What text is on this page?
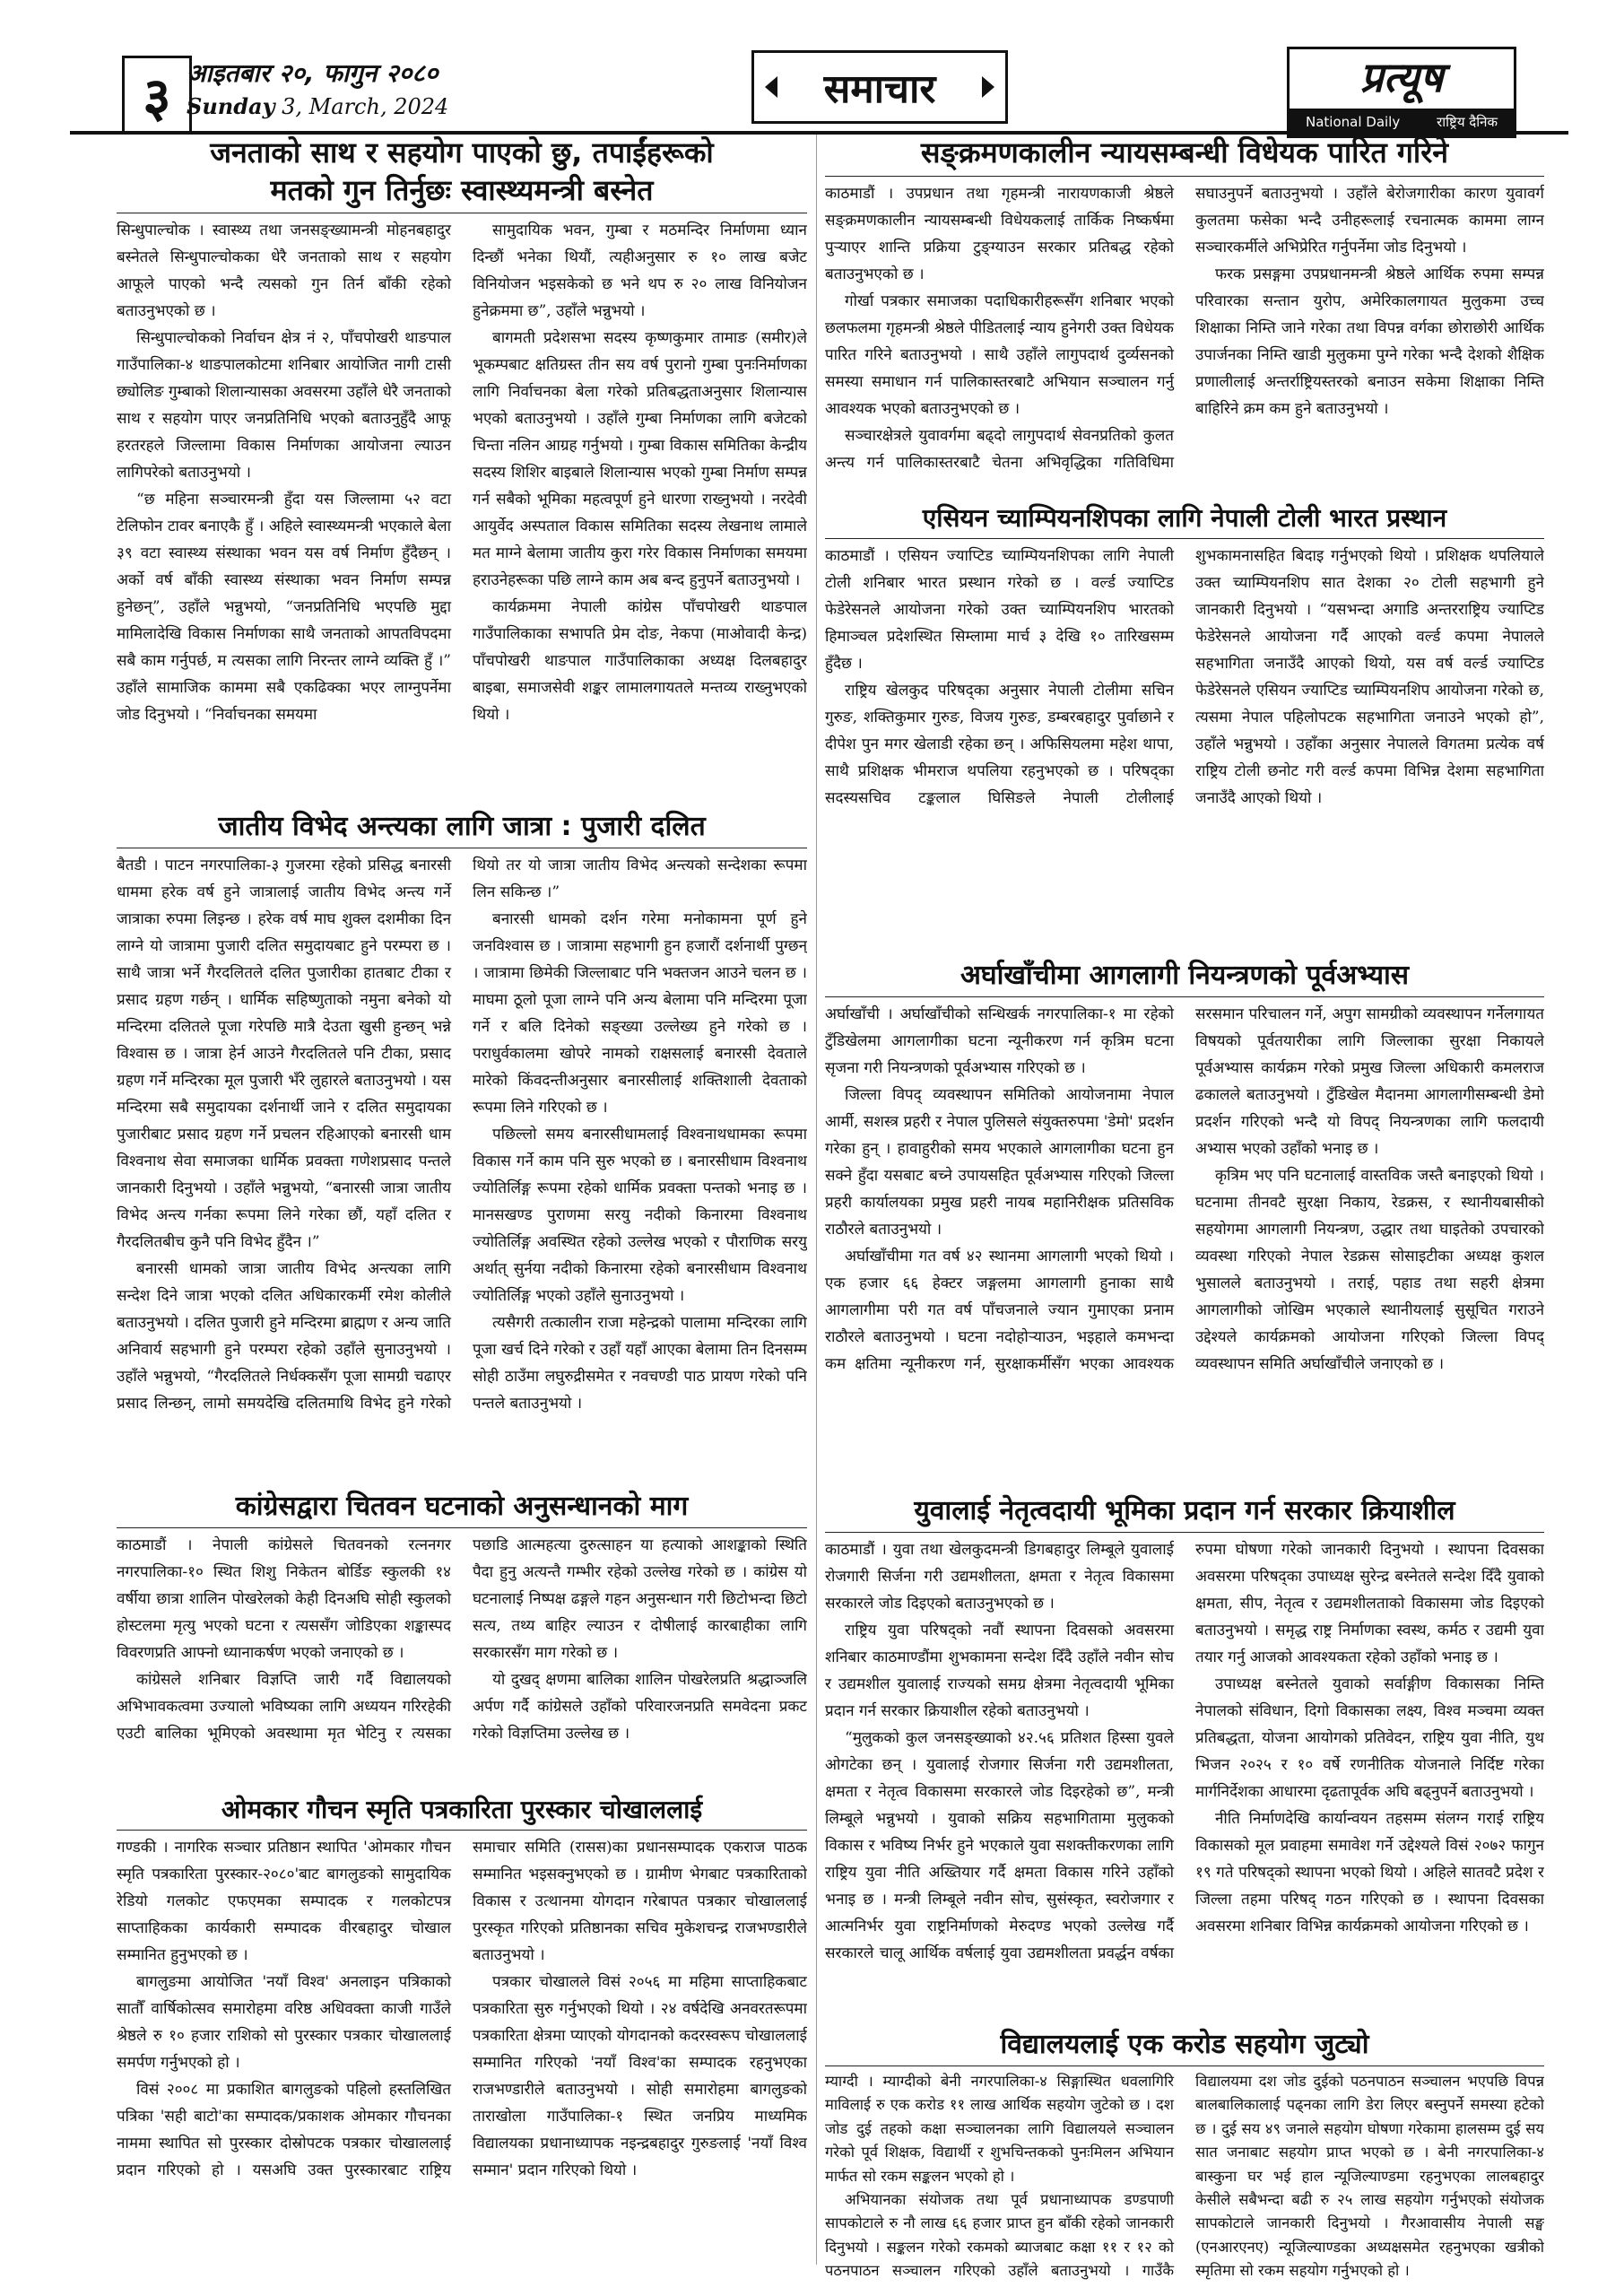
३ आइतबार २०, फागुन २०८०
Sunday 3, March, 2024	समाचार	प्रत्यूष
National Daily	राष्ट्रिय दैनिक
जनताको साथ र सहयोग पाएको छु, तपाईंहरूको
मतको गुन तिर्नुछः स्वास्थ्यमन्त्री बस्नेत

सिन्धुपाल्चोक । स्वास्थ्य तथा जनसङ्ख्यामन्त्री मोहनबहादुर बस्नेतले सिन्धुपाल्चोकका धेरै जनताको साथ र सहयोग आफूले पाएको भन्दै त्यसको गुन तिर्न बाँकी रहेको बताउनुभएको छ ।

सिन्धुपाल्चोकको निर्वाचन क्षेत्र नं २, पाँचपोखरी थाङपाल गाउँपालिका-४ थाङपालकोटमा शनिबार आयोजित नागी टासी छ्योलिङ गुम्बाको शिलान्यासका अवसरमा उहाँले धेरै जनताको साथ र सहयोग पाएर जनप्रतिनिधि भएको बताउनुहुँदै आफू हरतरहले जिल्लामा विकास निर्माणका आयोजना ल्याउन लागिपरेको बताउनुभयो ।

“छ महिना सञ्चारमन्त्री हुँदा यस जिल्लामा ५२ वटा टेलिफोन टावर बनाएकै हुँ । अहिले स्वास्थ्यमन्त्री भएकाले बेला ३९ वटा स्वास्थ्य संस्थाका भवन यस वर्ष निर्माण हुँदैछन् । अर्को वर्ष बाँकी स्वास्थ्य संस्थाका भवन निर्माण सम्पन्न हुनेछन्”, उहाँले भन्नुभयो, “जनप्रतिनिधि भएपछि मुद्दा मामिलादेखि विकास निर्माणका साथै जनताको आपतविपदमा सबै काम गर्नुपर्छ, म त्यसका लागि निरन्तर लाग्ने व्यक्ति हुँ ।” उहाँले सामाजिक काममा सबै एकढिक्का भएर लाग्नुपर्नेमा जोड दिनुभयो । “निर्वाचनका समयमा

सामुदायिक भवन, गुम्बा र मठमन्दिर निर्माणमा ध्यान दिन्छौं भनेका थियौं, त्यहीअनुसार रु १० लाख बजेट विनियोजन भइसकेको छ भने थप रु २० लाख विनियोजन हुनेक्रममा छ”, उहाँले भन्नुभयो ।

बागमती प्रदेशसभा सदस्य कृष्णकुमार तामाङ (समीर)ले भूकम्पबाट क्षतिग्रस्त तीन सय वर्ष पुरानो गुम्बा पुनःनिर्माणका लागि निर्वाचनका बेला गरेको प्रतिबद्धताअनुसार शिलान्यास भएको बताउनुभयो । उहाँले गुम्बा निर्माणका लागि बजेटको चिन्ता नलिन आग्रह गर्नुभयो । गुम्बा विकास समितिका केन्द्रीय सदस्य शिशिर बाइबाले शिलान्यास भएको गुम्बा निर्माण सम्पन्न गर्न सबैको भूमिका महत्वपूर्ण हुने धारणा राख्नुभयो । नरदेवी आयुर्वेद अस्पताल विकास समितिका सदस्य लेखनाथ लामाले मत माग्ने बेलामा जातीय कुरा गरेर विकास निर्माणका समयमा हराउनेहरूका पछि लाग्ने काम अब बन्द हुनुपर्ने बताउनुभयो ।

कार्यक्रममा नेपाली कांग्रेस पाँचपोखरी थाङपाल गाउँपालिकाका सभापति प्रेम दोङ, नेकपा (माओवादी केन्द्र) पाँचपोखरी थाङपाल गाउँपालिकाका अध्यक्ष दिलबहादुर बाइबा, समाजसेवी शङ्कर लामालगायतले मन्तव्य राख्नुभएको थियो ।

जातीय विभेद अन्त्यका लागि जात्रा : पुजारी दलित

बैतडी । पाटन नगरपालिका-३ गुजरमा रहेको प्रसिद्ध बनारसी धाममा हरेक वर्ष हुने जात्रालाई जातीय विभेद अन्त्य गर्ने जात्राका रुपमा लिइन्छ । हरेक वर्ष माघ शुक्ल दशमीका दिन लाग्ने यो जात्रामा पुजारी दलित समुदायबाट हुने परम्परा छ । साथै जात्रा भर्ने गैरदलितले दलित पुजारीका हातबाट टीका र प्रसाद ग्रहण गर्छन् । धार्मिक सहिष्णुताको नमुना बनेको यो मन्दिरमा दलितले पूजा गरेपछि मात्रै देउता खुसी हुन्छन् भन्ने विश्वास छ । जात्रा हेर्न आउने गैरदलितले पनि टीका, प्रसाद ग्रहण गर्ने मन्दिरका मूल पुजारी भँरे लुहारले बताउनुभयो । यस मन्दिरमा सबै समुदायका दर्शनार्थी जाने र दलित समुदायका पुजारीबाट प्रसाद ग्रहण गर्ने प्रचलन रहिआएको बनारसी धाम विश्वनाथ सेवा समाजका धार्मिक प्रवक्ता गणेशप्रसाद पन्तले जानकारी दिनुभयो । उहाँले भन्नुभयो, “बनारसी जात्रा जातीय विभेद अन्त्य गर्नका रूपमा लिने गरेका छौं, यहाँ दलित र गैरदलितबीच कुनै पनि विभेद हुँदैन ।”

बनारसी धामको जात्रा जातीय विभेद अन्त्यका लागि सन्देश दिने जात्रा भएको दलित अधिकारकर्मी रमेश कोलीले बताउनुभयो । दलित पुजारी हुने मन्दिरमा ब्राह्मण र अन्य जाति अनिवार्य सहभागी हुने परम्परा रहेको उहाँले सुनाउनुभयो । उहाँले भन्नुभयो, “गैरदलितले निर्धक्कसँग पूजा सामग्री चढाएर प्रसाद लिन्छन्, लामो समयदेखि दलितमाथि विभेद हुने गरेको थियो तर यो जात्रा जातीय विभेद अन्त्यको सन्देशका रूपमा लिन सकिन्छ ।”

बनारसी धामको दर्शन गरेमा मनोकामना पूर्ण हुने जनविश्वास छ । जात्रामा सहभागी हुन हजारौं दर्शनार्थी पुग्छन् । जात्रामा छिमेकी जिल्लाबाट पनि भक्तजन आउने चलन छ । माघमा ठूलो पूजा लाग्ने पनि अन्य बेलामा पनि मन्दिरमा पूजा गर्ने र बलि दिनेको सङ्ख्या उल्लेख्य हुने गरेको छ । पराधुर्वकालमा खोपरे नामको राक्षसलाई बनारसी देवताले मारेको किंवदन्तीअनुसार बनारसीलाई शक्तिशाली देवताको रूपमा लिने गरिएको छ ।

पछिल्लो समय बनारसीधामलाई विश्वनाथधामका रूपमा विकास गर्ने काम पनि सुरु भएको छ । बनारसीधाम विश्वनाथ ज्योतिर्लिङ्ग रूपमा रहेको धार्मिक प्रवक्ता पन्तको भनाइ छ । मानसखण्ड पुराणमा सरयु नदीको किनारमा विश्वनाथ ज्योतिर्लिङ्ग अवस्थित रहेको उल्लेख भएको र पौराणिक सरयु अर्थात् सुर्नया नदीको किनारमा रहेको बनारसीधाम विश्वनाथ ज्योतिर्लिङ्ग भएको उहाँले सुनाउनुभयो ।

त्यसैगरी तत्कालीन राजा महेन्द्रको पालामा मन्दिरका लागि पूजा खर्च दिने गरेको र उहाँ यहाँ आएका बेलामा तिन दिनसम्म सोही ठाउँमा लघुरुद्रीसमेत र नवचण्डी पाठ प्रायण गरेको पनि पन्तले बताउनुभयो ।

कांग्रेसद्वारा चितवन घटनाको अनुसन्धानको माग

काठमाडौं । नेपाली कांग्रेसले चितवनको रत्ननगर नगरपालिका-१० स्थित शिशु निकेतन बोर्डिङ स्कुलकी १४ वर्षीया छात्रा शालिन पोखरेलको केही दिनअघि सोही स्कुलको होस्टलमा मृत्यु भएको घटना र त्यससँग जोडिएका शङ्कास्पद विवरणप्रति आफ्नो ध्यानाकर्षण भएको जनाएको छ ।

कांग्रेसले शनिबार विज्ञप्ति जारी गर्दै विद्यालयको अभिभावकत्वमा उज्यालो भविष्यका लागि अध्ययन गरिरहेकी एउटी बालिका भूमिएको अवस्थामा मृत भेटिनु र त्यसका पछाडि आत्महत्या दुरुत्साहन या हत्याको आशङ्काको स्थिति पैदा हुनु अत्यन्तै गम्भीर रहेको उल्लेख गरेको छ । कांग्रेस यो घटनालाई निष्पक्ष ढङ्गले गहन अनुसन्धान गरी छिटोभन्दा छिटो सत्य, तथ्य बाहिर ल्याउन र दोषीलाई कारबाहीका लागि सरकारसँग माग गरेको छ ।

यो दुखद् क्षणमा बालिका शालिन पोखरेलप्रति श्रद्धाञ्जलि अर्पण गर्दै कांग्रेसले उहाँको परिवारजनप्रति समवेदना प्रकट गरेको विज्ञप्तिमा उल्लेख छ ।

ओमकार गौचन स्मृति पत्रकारिता पुरस्कार चोखाललाई

गण्डकी । नागरिक सञ्चार प्रतिष्ठान स्थापित 'ओमकार गौचन स्मृति पत्रकारिता पुरस्कार-२०८०'बाट बागलुङको सामुदायिक रेडियो गलकोट एफएमका सम्पादक र गलकोटपत्र साप्ताहिकका कार्यकारी सम्पादक वीरबहादुर चोखाल सम्मानित हुनुभएको छ ।

बागलुङमा आयोजित 'नयाँ विश्व' अनलाइन पत्रिकाको सातौँ वार्षिकोत्सव समारोहमा वरिष्ठ अधिवक्ता काजी गाउँले श्रेष्ठले रु १० हजार राशिको सो पुरस्कार पत्रकार चोखाललाई समर्पण गर्नुभएको हो ।

विसं २००८ मा प्रकाशित बागलुङको पहिलो हस्तलिखित पत्रिका 'सही बाटो'का सम्पादक/प्रकाशक ओमकार गौचनका नाममा स्थापित सो पुरस्कार दोस्रोपटक पत्रकार चोखाललाई प्रदान गरिएको हो । यसअघि उक्त पुरस्कारबाट राष्ट्रिय समाचार समिति (रासस)का प्रधानसम्पादक एकराज पाठक सम्मानित भइसक्नुभएको छ । ग्रामीण भेगबाट पत्रकारिताको विकास र उत्थानमा योगदान गरेबापत पत्रकार चोखाललाई पुरस्कृत गरिएको प्रतिष्ठानका सचिव मुकेशचन्द्र राजभण्डारीले बताउनुभयो ।

पत्रकार चोखालले विसं २०५६ मा महिमा साप्ताहिकबाट पत्रकारिता सुरु गर्नुभएको थियो । २४ वर्षदेखि अनवरतरूपमा पत्रकारिता क्षेत्रमा प्याएको योगदानको कदरस्वरूप चोखाललाई सम्मानित गरिएको 'नयाँ विश्व'का सम्पादक रहनुभएका राजभण्डारीले बताउनुभयो । सोही समारोहमा बागलुङको ताराखोला गाउँपालिका-१ स्थित जनप्रिय माध्यमिक विद्यालयका प्रधानाध्यापक नइन्द्रबहादुर गुरुङलाई 'नयाँ विश्व सम्मान' प्रदान गरिएको थियो ।

सङ्क्रमणकालीन न्यायसम्बन्धी विधेयक पारित गरिने

काठमाडौं । उपप्रधान तथा गृहमन्त्री नारायणकाजी श्रेष्ठले सङ्क्रमणकालीन न्यायसम्बन्धी विधेयकलाई तार्किक निष्कर्षमा पुऱ्याएर शान्ति प्रक्रिया टुङ्ग्याउन सरकार प्रतिबद्ध रहेको बताउनुभएको छ ।

गोर्खा पत्रकार समाजका पदाधिकारीहरूसँग शनिबार भएको छलफलमा गृहमन्त्री श्रेष्ठले पीडितलाई न्याय हुनेगरी उक्त विधेयक पारित गरिने बताउनुभयो । साथै उहाँले लागुपदार्थ दुर्व्यसनको समस्या समाधान गर्न पालिकास्तरबाटै अभियान सञ्चालन गर्नु आवश्यक भएको बताउनुभएको छ ।

सञ्चारक्षेत्रले युवावर्गमा बढ्दो लागुपदार्थ सेवनप्रतिको कुलत अन्त्य गर्न पालिकास्तरबाटै चेतना अभिवृद्धिका गतिविधिमा सघाउनुपर्ने बताउनुभयो । उहाँले बेरोजगारीका कारण युवावर्ग कुलतमा फसेका भन्दै उनीहरूलाई रचनात्मक काममा लाग्न सञ्चारकर्मीले अभिप्रेरित गर्नुपर्नेमा जोड दिनुभयो ।

फरक प्रसङ्गमा उपप्रधानमन्त्री श्रेष्ठले आर्थिक रुपमा सम्पन्न परिवारका सन्तान युरोप, अमेरिकालगायत मुलुकमा उच्च शिक्षाका निम्ति जाने गरेका तथा विपन्न वर्गका छोराछोरी आर्थिक उपार्जनका निम्ति खाडी मुलुकमा पुग्ने गरेका भन्दै देशको शैक्षिक प्रणालीलाई अन्तर्राष्ट्रियस्तरको बनाउन सकेमा शिक्षाका निम्ति बाहिरिने क्रम कम हुने बताउनुभयो ।

एसियन च्याम्पियनशिपका लागि नेपाली टोली भारत प्रस्थान

काठमाडौं । एसियन ज्याप्टिड च्याम्पियनशिपका लागि नेपाली टोली शनिबार भारत प्रस्थान गरेको छ । वर्ल्ड ज्याप्टिड फेडेरेसनले आयोजना गरेको उक्त च्याम्पियनशिप भारतको हिमाञ्चल प्रदेशस्थित सिम्लामा मार्च ३ देखि १० तारिखसम्म हुँदैछ ।

राष्ट्रिय खेलकुद परिषद्का अनुसार नेपाली टोलीमा सचिन गुरुङ, शक्तिकुमार गुरुङ, विजय गुरुङ, डम्बरबहादुर पुर्वाछाने र दीपेश पुन मगर खेलाडी रहेका छन् । अफिसियलमा महेश थापा, साथै प्रशिक्षक भीमराज थपलिया रहनुभएको छ । परिषद्का सदस्यसचिव टङ्कलाल घिसिङले नेपाली टोलीलाई शुभकामनासहित बिदाइ गर्नुभएको थियो । प्रशिक्षक थपलियाले उक्त च्याम्पियनशिप सात देशका २० टोली सहभागी हुने जानकारी दिनुभयो । “यसभन्दा अगाडि अन्तरराष्ट्रिय ज्याप्टिड फेडेरेसनले आयोजना गर्दै आएको वर्ल्ड कपमा नेपालले सहभागिता जनाउँदै आएको थियो, यस वर्ष वर्ल्ड ज्याप्टिड फेडेरेसनले एसियन ज्याप्टिड च्याम्पियनशिप आयोजना गरेको छ, त्यसमा नेपाल पहिलोपटक सहभागिता जनाउने भएको हो”, उहाँले भन्नुभयो । उहाँका अनुसार नेपालले विगतमा प्रत्येक वर्ष राष्ट्रिय टोली छनोट गरी वर्ल्ड कपमा विभिन्न देशमा सहभागिता जनाउँदै आएको थियो ।

अर्घाखाँचीमा आगलागी नियन्त्रणको पूर्वअभ्यास

अर्घाखाँची । अर्घाखाँचीको सन्धिखर्क नगरपालिका-१ मा रहेको टुँडिखेलमा आगलागीका घटना न्यूनीकरण गर्न कृत्रिम घटना सृजना गरी नियन्त्रणको पूर्वअभ्यास गरिएको छ ।

जिल्ला विपद् व्यवस्थापन समितिको आयोजनामा नेपाल आर्मी, सशस्त्र प्रहरी र नेपाल पुलिसले संयुक्तरुपमा 'डेमो' प्रदर्शन गरेका हुन् । हावाहुरीको समय भएकाले आगलागीका घटना हुन सक्ने हुँदा यसबाट बच्ने उपायसहित पूर्वअभ्यास गरिएको जिल्ला प्रहरी कार्यालयका प्रमुख प्रहरी नायब महानिरीक्षक प्रतिसविक राठौरले बताउनुभयो ।

अर्घाखाँचीमा गत वर्ष ४२ स्थानमा आगलागी भएको थियो । एक हजार ६६ हेक्टर जङ्गलमा आगलागी हुनाका साथै आगलागीमा परी गत वर्ष पाँचजनाले ज्यान गुमाएका प्रनाम राठौरले बताउनुभयो । घटना नदोहोऱ्याउन, भइहाले कमभन्दा कम क्षतिमा न्यूनीकरण गर्न, सुरक्षाकर्मीसँग भएका आवश्यक सरसमान परिचालन गर्ने, अपुग सामग्रीको व्यवस्थापन गर्नेलगायत विषयको पूर्वतयारीका लागि जिल्लाका सुरक्षा निकायले पूर्वअभ्यास कार्यक्रम गरेको प्रमुख जिल्ला अधिकारी कमलराज ढकालले बताउनुभयो । टुँडिखेल मैदानमा आगलागीसम्बन्धी डेमो प्रदर्शन गरिएको भन्दै यो विपद् नियन्त्रणका लागि फलदायी अभ्यास भएको उहाँको भनाइ छ ।

कृत्रिम भए पनि घटनालाई वास्तविक जस्तै बनाइएको थियो । घटनामा तीनवटै सुरक्षा निकाय, रेडक्रस, र स्थानीयबासीको सहयोगमा आगलागी नियन्त्रण, उद्धार तथा घाइतेको उपचारको व्यवस्था गरिएको नेपाल रेडक्रस सोसाइटीका अध्यक्ष कुशल भुसालले बताउनुभयो । तराई, पहाड तथा सहरी क्षेत्रमा आगलागीको जोखिम भएकाले स्थानीयलाई सुसूचित गराउने उद्देश्यले कार्यक्रमको आयोजना गरिएको जिल्ला विपद् व्यवस्थापन समिति अर्घाखाँचीले जनाएको छ ।

युवालाई नेतृत्वदायी भूमिका प्रदान गर्न सरकार क्रियाशील

काठमाडौं । युवा तथा खेलकुदमन्त्री डिगबहादुर लिम्बूले युवालाई रोजगारी सिर्जना गरी उद्यमशीलता, क्षमता र नेतृत्व विकासमा सरकारले जोड दिइएको बताउनुभएको छ ।

राष्ट्रिय युवा परिषद्को नवौं स्थापना दिवसको अवसरमा शनिबार काठमाण्डौंमा शुभकामना सन्देश दिँदै उहाँले नवीन सोच र उद्यमशील युवालाई राज्यको समग्र क्षेत्रमा नेतृत्वदायी भूमिका प्रदान गर्न सरकार क्रियाशील रहेको बताउनुभयो ।

“मुलुकको कुल जनसङ्ख्याको ४२.५६ प्रतिशत हिस्सा युवले ओगटेका छन् । युवालाई रोजगार सिर्जना गरी उद्यमशीलता, क्षमता र नेतृत्व विकासमा सरकारले जोड दिइरहेको छ”, मन्त्री लिम्बूले भन्नुभयो । युवाको सक्रिय सहभागितामा मुलुकको विकास र भविष्य निर्भर हुने भएकाले युवा सशक्तीकरणका लागि राष्ट्रिय युवा नीति अख्तियार गर्दै क्षमता विकास गरिने उहाँको भनाइ छ । मन्त्री लिम्बूले नवीन सोच, सुसंस्कृत, स्वरोजगार र आत्मनिर्भर युवा राष्ट्रनिर्माणको मेरुदण्ड भएको उल्लेख गर्दै सरकारले चालू आर्थिक वर्षलाई युवा उद्यमशीलता प्रवर्द्धन वर्षका रुपमा घोषणा गरेको जानकारी दिनुभयो । स्थापना दिवसका अवसरमा परिषद्का उपाध्यक्ष सुरेन्द्र बस्नेतले सन्देश दिँदै युवाको क्षमता, सीप, नेतृत्व र उद्यमशीलताको विकासमा जोड दिइएको बताउनुभयो । समृद्ध राष्ट्र निर्माणका स्वस्थ, कर्मठ र उद्यमी युवा तयार गर्नु आजको आवश्यकता रहेको उहाँको भनाइ छ ।

उपाध्यक्ष बस्नेतले युवाको सर्वाङ्गीण विकासका निम्ति नेपालको संविधान, दिगो विकासका लक्ष्य, विश्व मञ्चमा व्यक्त प्रतिबद्धता, योजना आयोगको प्रतिवेदन, राष्ट्रिय युवा नीति, युथ भिजन २०२५ र १० वर्षे रणनीतिक योजनाले निर्दिष्ट गरेका मार्गनिर्देशका आधारमा दृढतापूर्वक अघि बढ्नुपर्ने बताउनुभयो ।

नीति निर्माणदेखि कार्यान्वयन तहसम्म संलग्न गराई राष्ट्रिय विकासको मूल प्रवाहमा समावेश गर्ने उद्देश्यले विसं २०७२ फागुन १९ गते परिषद्को स्थापना भएको थियो । अहिले सातवटै प्रदेश र जिल्ला तहमा परिषद् गठन गरिएको छ । स्थापना दिवसका अवसरमा शनिबार विभिन्न कार्यक्रमको आयोजना गरिएको छ ।

विद्यालयलाई एक करोड सहयोग जुट्यो

म्याग्दी । म्याग्दीको बेनी नगरपालिका-४ सिङ्गास्थित धवलागिरि माविलाई रु एक करोड ११ लाख आर्थिक सहयोग जुटेको छ । दश जोड दुई तहको कक्षा सञ्चालनका लागि विद्यालयले सञ्चालन गरेको पूर्व शिक्षक, विद्यार्थी र शुभचिन्तकको पुनःमिलन अभियान मार्फत सो रकम सङ्कलन भएको हो ।

अभियानका संयोजक तथा पूर्व प्रधानाध्यापक डण्डपाणी सापकोटाले रु नौ लाख ६६ हजार प्राप्त हुन बाँकी रहेको जानकारी दिनुभयो । सङ्कलन गरेको रकमको ब्याजबाट कक्षा ११ र १२ को पठनपाठन सञ्चालन गरिएको उहाँले बताउनुभयो । गाउँकै विद्यालयमा दश जोड दुईको पठनपाठन सञ्चालन भएपछि विपन्न बालबालिकालाई पढ्नका लागि डेरा लिएर बस्नुपर्ने समस्या हटेको छ । दुई सय ४९ जनाले सहयोग घोषणा गरेकामा हालसम्म दुई सय सात जनाबाट सहयोग प्राप्त भएको छ । बेनी नगरपालिका-४ बास्कुना घर भई हाल न्यूजिल्याण्डमा रहनुभएका लालबहादुर केसीले सबैभन्दा बढी रु २५ लाख सहयोग गर्नुभएको संयोजक सापकोटाले जानकारी दिनुभयो । गैरआवासीय नेपाली सङ्घ (एनआरएनए) न्यूजिल्याण्डका अध्यक्षसमेत रहनुभएका खत्रीको स्मृतिमा सो रकम सहयोग गर्नुभएको हो ।
